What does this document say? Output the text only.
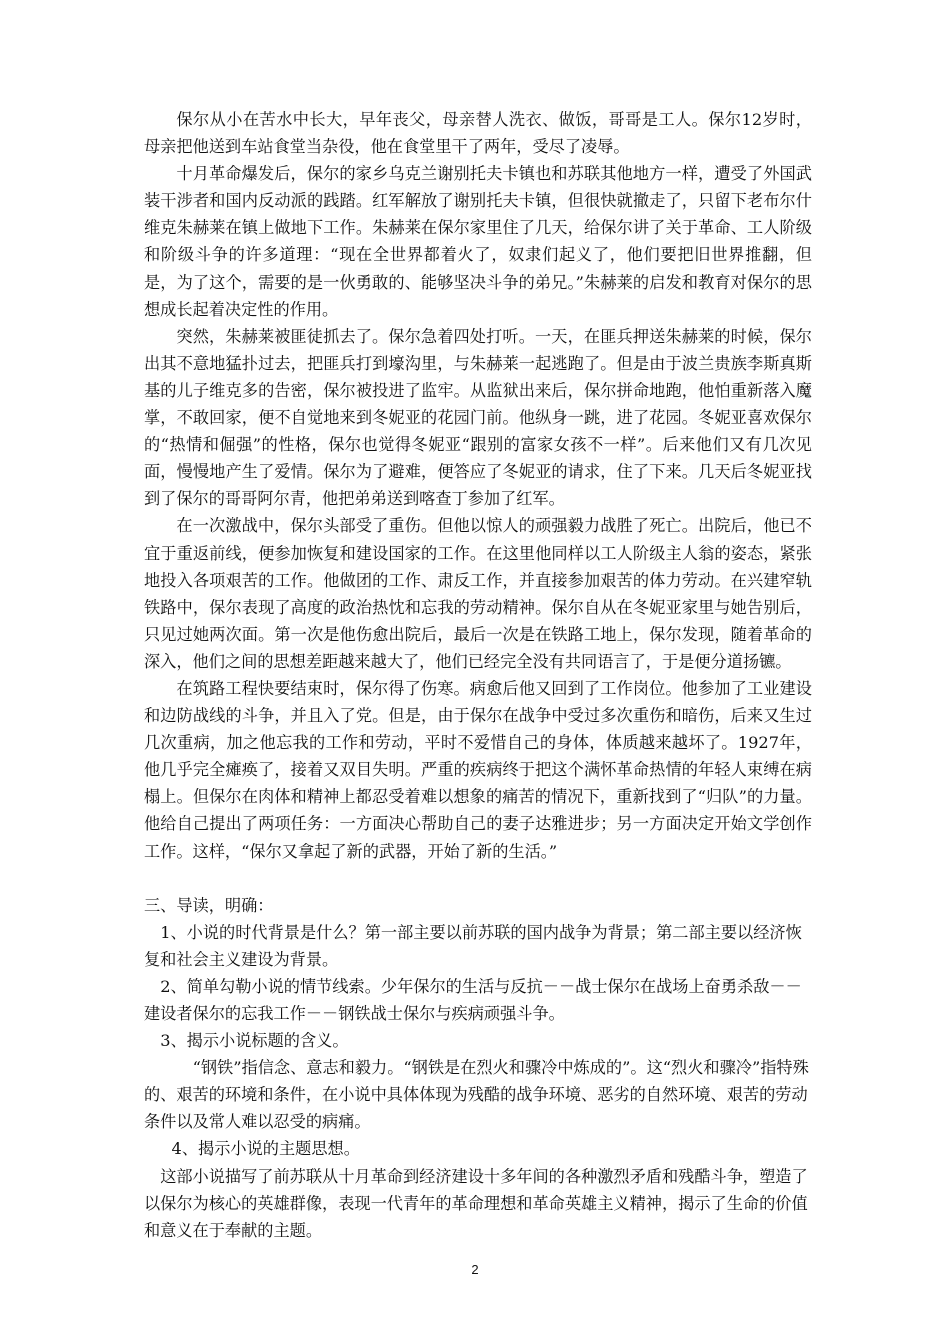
保尔从小在苦水中长大，早年丧父，母亲替人洗衣、做饭，哥哥是工人。保尔12岁时，母亲把他送到车站食堂当杂役，他在食堂里干了两年，受尽了凌辱。

十月革命爆发后，保尔的家乡乌克兰谢别托夫卡镇也和苏联其他地方一样，遭受了外国武装干涉者和国内反动派的践踏。红军解放了谢别托夫卡镇，但很快就撤走了，只留下老布尔什维克朱赫莱在镇上做地下工作。朱赫莱在保尔家里住了几天，给保尔讲了关于革命、工人阶级和阶级斗争的许多道理：“现在全世界都着火了，奴隶们起义了，他们要把旧世界推翻，但是，为了这个，需要的是一伙勇敢的、能够坚决斗争的弟兄。”朱赫莱的启发和教育对保尔的思想成长起着决定性的作用。

突然，朱赫莱被匪徒抓去了。保尔急着四处打听。一天，在匪兵押送朱赫莱的时候，保尔出其不意地猛扑过去，把匪兵打到壕沟里，与朱赫莱一起逃跑了。但是由于波兰贵族李斯真斯基的儿子维克多的告密，保尔被投进了监牢。从监狱出来后，保尔拼命地跑，他怕重新落入魔掌，不敢回家，便不自觉地来到冬妮亚的花园门前。他纵身一跳，进了花园。冬妮亚喜欢保尔的“热情和倔强”的性格，保尔也觉得冬妮亚“跟别的富家女孩不一样”。后来他们又有几次见面，慢慢地产生了爱情。保尔为了避难，便答应了冬妮亚的请求，住了下来。几天后冬妮亚找到了保尔的哥哥阿尔青，他把弟弟送到喀查丁参加了红军。

在一次激战中，保尔头部受了重伤。但他以惊人的顽强毅力战胜了死亡。出院后，他已不宜于重返前线，便参加恢复和建设国家的工作。在这里他同样以工人阶级主人翁的姿态，紧张地投入各项艰苦的工作。他做团的工作、肃反工作，并直接参加艰苦的体力劳动。在兴建窄轨铁路中，保尔表现了高度的政治热忱和忘我的劳动精神。保尔自从在冬妮亚家里与她告别后，只见过她两次面。第一次是他伤愈出院后，最后一次是在铁路工地上，保尔发现，随着革命的深入，他们之间的思想差距越来越大了，他们已经完全没有共同语言了，于是便分道扬镳。

在筑路工程快要结束时，保尔得了伤寒。病愈后他又回到了工作岗位。他参加了工业建设和边防战线的斗争，并且入了党。但是，由于保尔在战争中受过多次重伤和暗伤，后来又生过几次重病，加之他忘我的工作和劳动，平时不爱惜自己的身体，体质越来越坏了。1927年，他几乎完全瘫痪了，接着又双目失明。严重的疾病终于把这个满怀革命热情的年轻人束缚在病榻上。但保尔在肉体和精神上都忍受着难以想象的痛苦的情况下，重新找到了“归队”的力量。他给自己提出了两项任务：一方面决心帮助自己的妻子达雅进步；另一方面决定开始文学创作工作。这样，“保尔又拿起了新的武器，开始了新的生活。”

三、导读，明确：

1、小说的时代背景是什么？第一部主要以前苏联的国内战争为背景；第二部主要以经济恢复和社会主义建设为背景。

2、简单勾勒小说的情节线索。少年保尔的生活与反抗－－战士保尔在战场上奋勇杀敌－－建设者保尔的忘我工作－－钢铁战士保尔与疾病顽强斗争。

3、揭示小说标题的含义。

“钢铁”指信念、意志和毅力。“钢铁是在烈火和骤冷中炼成的”。这“烈火和骤冷”指特殊的、艰苦的环境和条件，在小说中具体体现为残酷的战争环境、恶劣的自然环境、艰苦的劳动条件以及常人难以忍受的病痛。

4、揭示小说的主题思想。

这部小说描写了前苏联从十月革命到经济建设十多年间的各种激烈矛盾和残酷斗争，塑造了以保尔为核心的英雄群像，表现一代青年的革命理想和革命英雄主义精神，揭示了生命的价值和意义在于奉献的主题。

2
